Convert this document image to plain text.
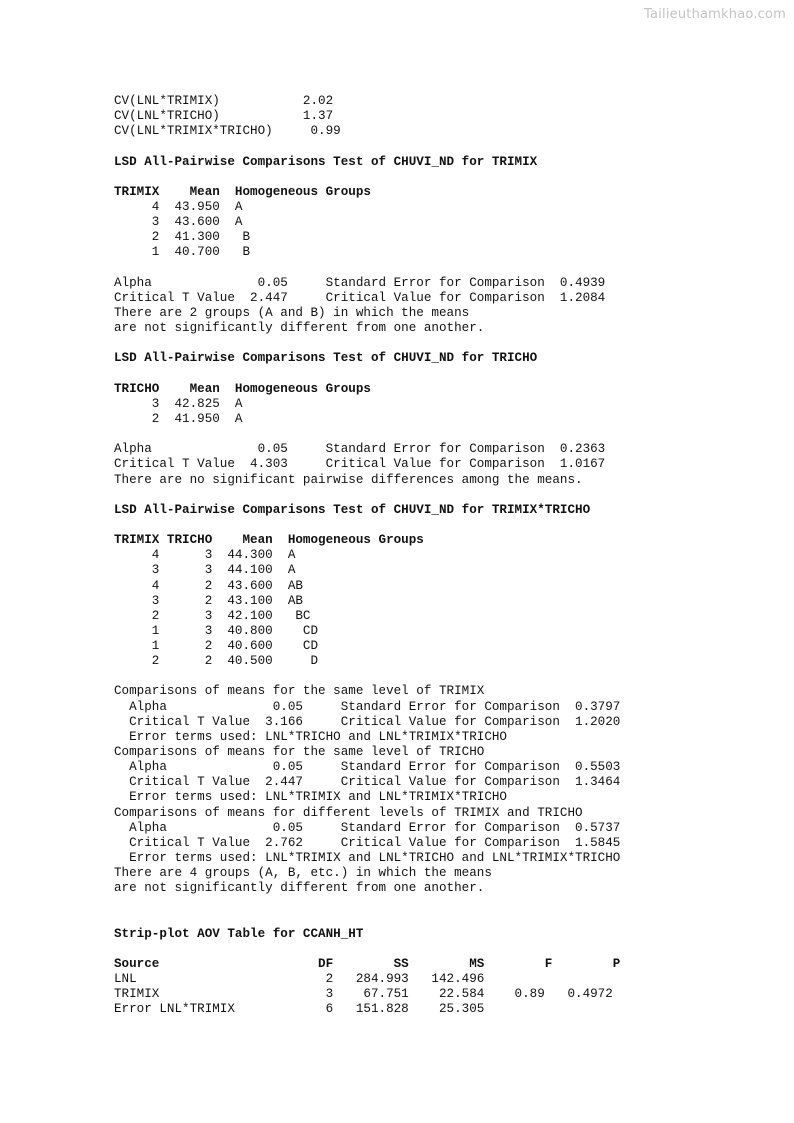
Tailieuthamkhao.com
CV(LNL*TRIMIX)           2.02
CV(LNL*TRICHO)           1.37
CV(LNL*TRIMIX*TRICHO)     0.99
LSD All-Pairwise Comparisons Test of CHUVI_ND for TRIMIX
TRIMIX    Mean  Homogeneous Groups
4  43.950  A
3  43.600  A
2  41.300   B
1  40.700   B
Alpha              0.05     Standard Error for Comparison  0.4939
Critical T Value  2.447     Critical Value for Comparison  1.2084
There are 2 groups (A and B) in which the means
are not significantly different from one another.
LSD All-Pairwise Comparisons Test of CHUVI_ND for TRICHO
TRICHO    Mean  Homogeneous Groups
3  42.825  A
2  41.950  A
Alpha              0.05     Standard Error for Comparison  0.2363
Critical T Value  4.303     Critical Value for Comparison  1.0167
There are no significant pairwise differences among the means.
LSD All-Pairwise Comparisons Test of CHUVI_ND for TRIMIX*TRICHO
TRIMIX TRICHO    Mean  Homogeneous Groups
4      3  44.300  A
3      3  44.100  A
4      2  43.600  AB
3      2  43.100  AB
2      3  42.100   BC
1      3  40.800    CD
1      2  40.600    CD
2      2  40.500     D
Comparisons of means for the same level of TRIMIX
Alpha              0.05     Standard Error for Comparison  0.3797
Critical T Value  3.166     Critical Value for Comparison  1.2020
Error terms used: LNL*TRICHO and LNL*TRIMIX*TRICHO
Comparisons of means for the same level of TRICHO
Alpha              0.05     Standard Error for Comparison  0.5503
Critical T Value  2.447     Critical Value for Comparison  1.3464
Error terms used: LNL*TRIMIX and LNL*TRIMIX*TRICHO
Comparisons of means for different levels of TRIMIX and TRICHO
Alpha              0.05     Standard Error for Comparison  0.5737
Critical T Value  2.762     Critical Value for Comparison  1.5845
Error terms used: LNL*TRIMIX and LNL*TRICHO and LNL*TRIMIX*TRICHO
There are 4 groups (A, B, etc.) in which the means
are not significantly different from one another.
Strip-plot AOV Table for CCANH_HT
Source                     DF        SS        MS        F        P
LNL                         2   284.993   142.496
TRIMIX                      3    67.751    22.584    0.89   0.4972
Error LNL*TRIMIX            6   151.828    25.305
